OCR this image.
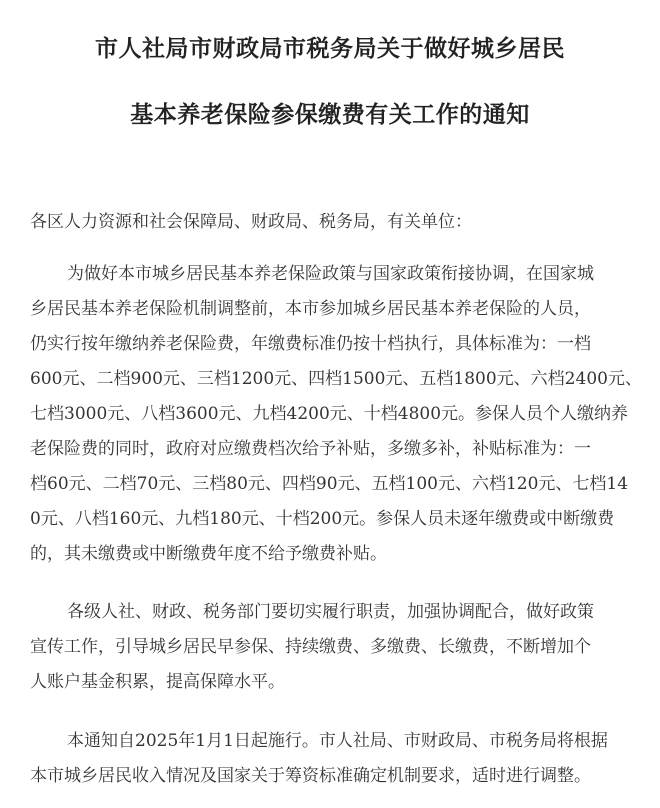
市人社局市财政局市税务局关于做好城乡居民
基本养老保险参保缴费有关工作的通知
各区人力资源和社会保障局、财政局、税务局，有关单位：
为做好本市城乡居民基本养老保险政策与国家政策衔接协调，在国家城
乡居民基本养老保险机制调整前，本市参加城乡居民基本养老保险的人员，
仍实行按年缴纳养老保险费，年缴费标准仍按十档执行，具体标准为：一档
600元、二档900元、三档1200元、四档1500元、五档1800元、六档2400元、
七档3000元、八档3600元、九档4200元、十档4800元。参保人员个人缴纳养
老保险费的同时，政府对应缴费档次给予补贴，多缴多补，补贴标准为：一
档60元、二档70元、三档80元、四档90元、五档100元、六档120元、七档14
0元、八档160元、九档180元、十档200元。参保人员未逐年缴费或中断缴费
的，其未缴费或中断缴费年度不给予缴费补贴。
各级人社、财政、税务部门要切实履行职责，加强协调配合，做好政策
宣传工作，引导城乡居民早参保、持续缴费、多缴费、长缴费，不断增加个
人账户基金积累，提高保障水平。
本通知自2025年1月1日起施行。市人社局、市财政局、市税务局将根据
本市城乡居民收入情况及国家关于筹资标准确定机制要求，适时进行调整。
